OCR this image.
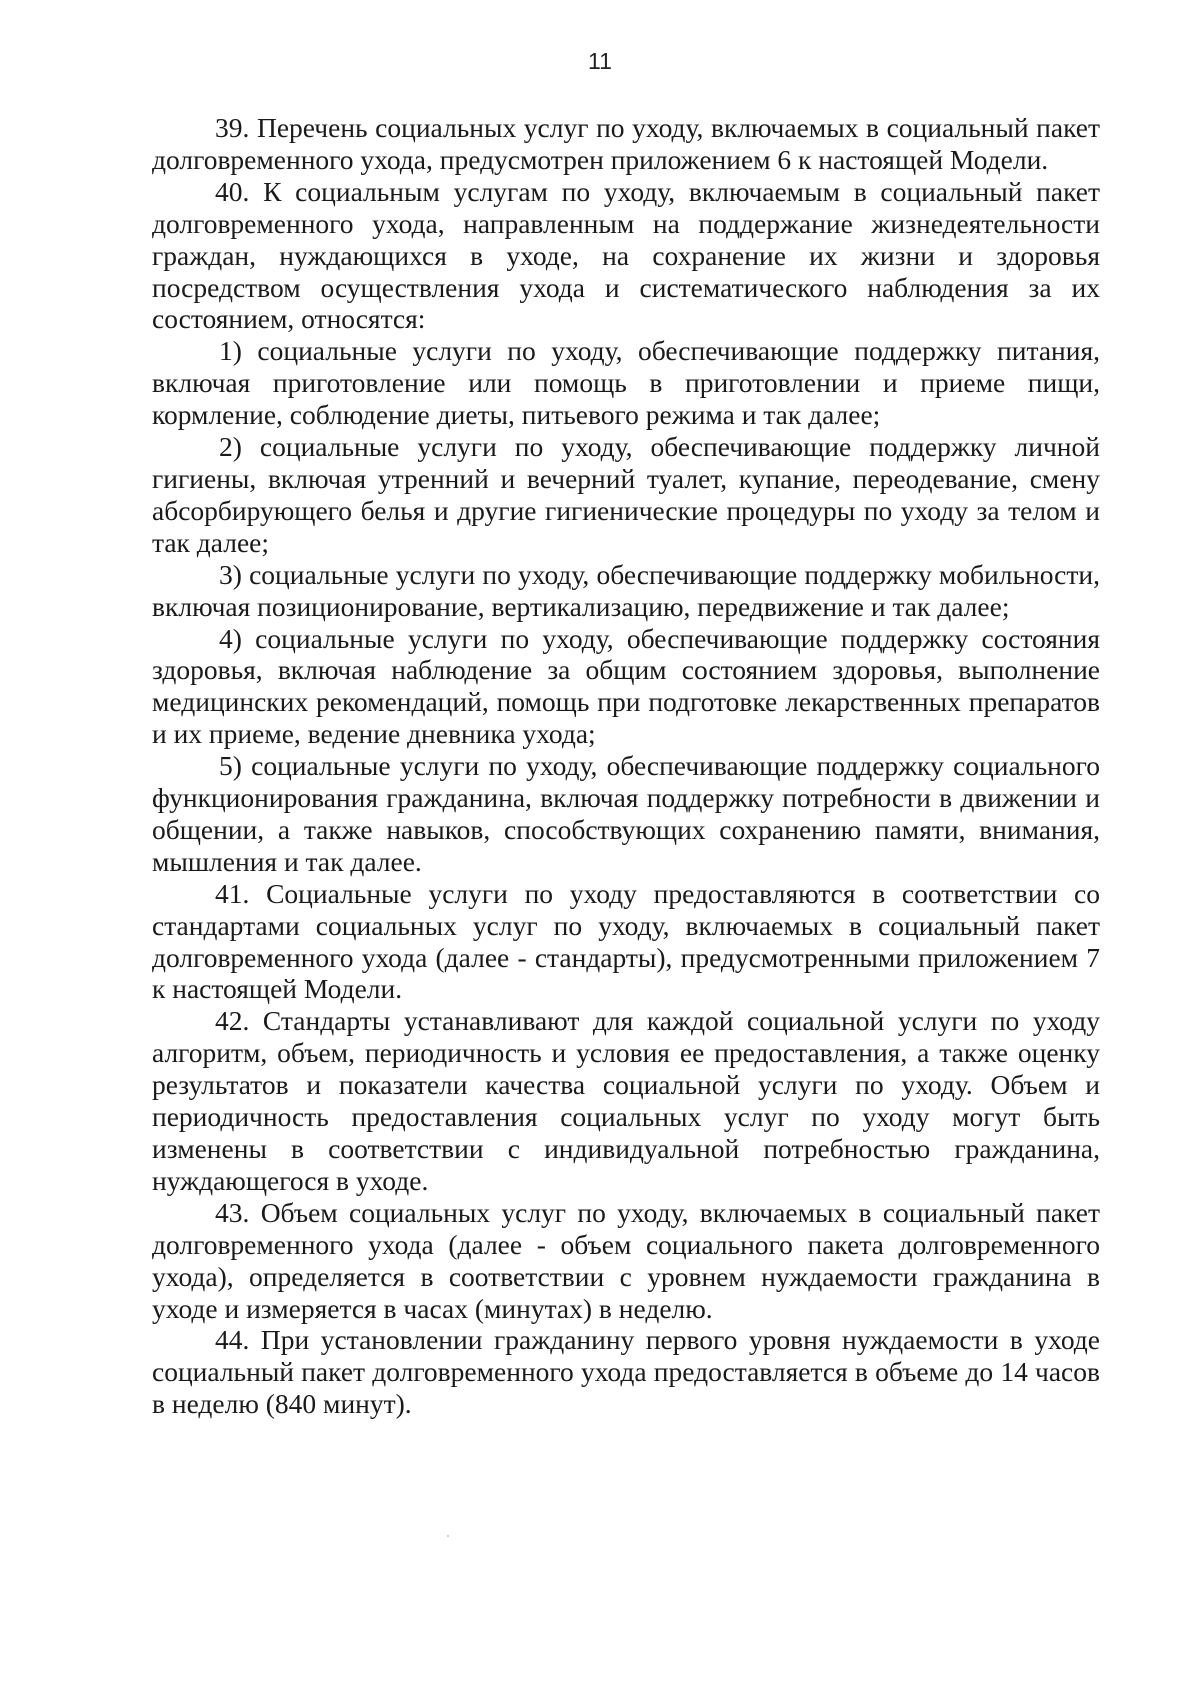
11

39. Перечень социальных услуг по уходу, включаемых в социальный пакет долговременного ухода, предусмотрен приложением 6 к настоящей Модели.

40. К социальным услугам по уходу, включаемым в социальный пакет долговременного ухода, направленным на поддержание жизнедеятельности граждан, нуждающихся в уходе, на сохранение их жизни и здоровья посредством осуществления ухода и систематического наблюдения за их состоянием, относятся:

1) социальные услуги по уходу, обеспечивающие поддержку питания, включая приготовление или помощь в приготовлении и приеме пищи, кормление, соблюдение диеты, питьевого режима и так далее;

2) социальные услуги по уходу, обеспечивающие поддержку личной гигиены, включая утренний и вечерний туалет, купание, переодевание, смену абсорбирующего белья и другие гигиенические процедуры по уходу за телом и так далее;

3) социальные услуги по уходу, обеспечивающие поддержку мобильности, включая позиционирование, вертикализацию, передвижение и так далее;

4) социальные услуги по уходу, обеспечивающие поддержку состояния здоровья, включая наблюдение за общим состоянием здоровья, выполнение медицинских рекомендаций, помощь при подготовке лекарственных препаратов и их приеме, ведение дневника ухода;

5) социальные услуги по уходу, обеспечивающие поддержку социального функционирования гражданина, включая поддержку потребности в движении и общении, а также навыков, способствующих сохранению памяти, внимания, мышления и так далее.

41. Социальные услуги по уходу предоставляются в соответствии со стандартами социальных услуг по уходу, включаемых в социальный пакет долговременного ухода (далее - стандарты), предусмотренными приложением 7 к настоящей Модели.

42. Стандарты устанавливают для каждой социальной услуги по уходу алгоритм, объем, периодичность и условия ее предоставления, а также оценку результатов и показатели качества социальной услуги по уходу. Объем и периодичность предоставления социальных услуг по уходу могут быть изменены в соответствии с индивидуальной потребностью гражданина, нуждающегося в уходе.

43. Объем социальных услуг по уходу, включаемых в социальный пакет долговременного ухода (далее - объем социального пакета долговременного ухода), определяется в соответствии с уровнем нуждаемости гражданина в уходе и измеряется в часах (минутах) в неделю.

44. При установлении гражданину первого уровня нуждаемости в уходе социальный пакет долговременного ухода предоставляется в объеме до 14 часов в неделю (840 минут).
